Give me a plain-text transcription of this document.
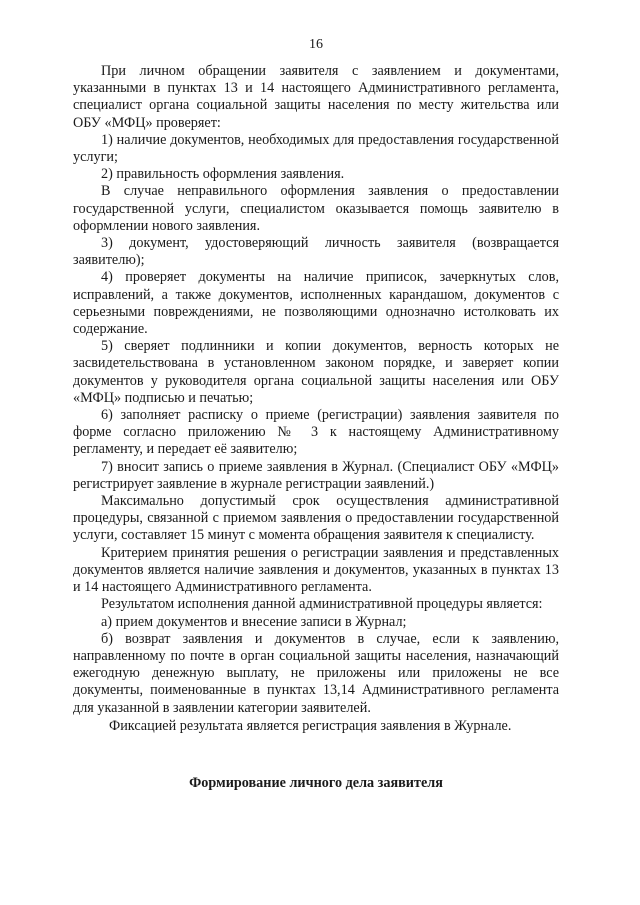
16

При личном обращении заявителя с заявлением и документами, указанными в пунктах 13 и 14 настоящего Административного регламента, специалист органа социальной защиты населения по месту жительства или ОБУ «МФЦ» проверяет:

1) наличие документов, необходимых для предоставления государственной услуги;

2) правильность оформления заявления.

В случае неправильного оформления заявления о предоставлении государственной услуги, специалистом оказывается помощь заявителю в оформлении нового заявления.

3) документ, удостоверяющий личность заявителя (возвращается заявителю);

4) проверяет документы на наличие приписок, зачеркнутых слов, исправлений, а также документов, исполненных карандашом, документов с серьезными повреждениями, не позволяющими однозначно истолковать их содержание.

5) сверяет подлинники и копии документов, верность которых не засвидетельствована в установленном законом порядке, и заверяет копии документов у руководителя органа социальной защиты населения или ОБУ «МФЦ» подписью и печатью;

6) заполняет расписку о приеме (регистрации) заявления заявителя по форме согласно приложению № 3 к настоящему Административному регламенту, и передает её заявителю;

7) вносит запись о приеме заявления в Журнал. (Специалист ОБУ «МФЦ» регистрирует заявление в журнале регистрации заявлений.)

Максимально допустимый срок осуществления административной процедуры, связанной с приемом заявления о предоставлении государственной услуги, составляет 15 минут с момента обращения заявителя к специалисту.

Критерием принятия решения о регистрации заявления и представленных документов является наличие заявления и документов, указанных в пунктах 13 и 14 настоящего Административного регламента.

Результатом исполнения данной административной процедуры является:

а) прием документов и внесение записи в Журнал;

б) возврат заявления и документов в случае, если к заявлению, направленному по почте в орган социальной защиты населения, назначающий ежегодную денежную выплату, не приложены или приложены не все документы, поименованные в пунктах 13,14 Административного регламента для указанной в заявлении категории заявителей.

Фиксацией результата является регистрация заявления в Журнале.

Формирование личного дела заявителя
